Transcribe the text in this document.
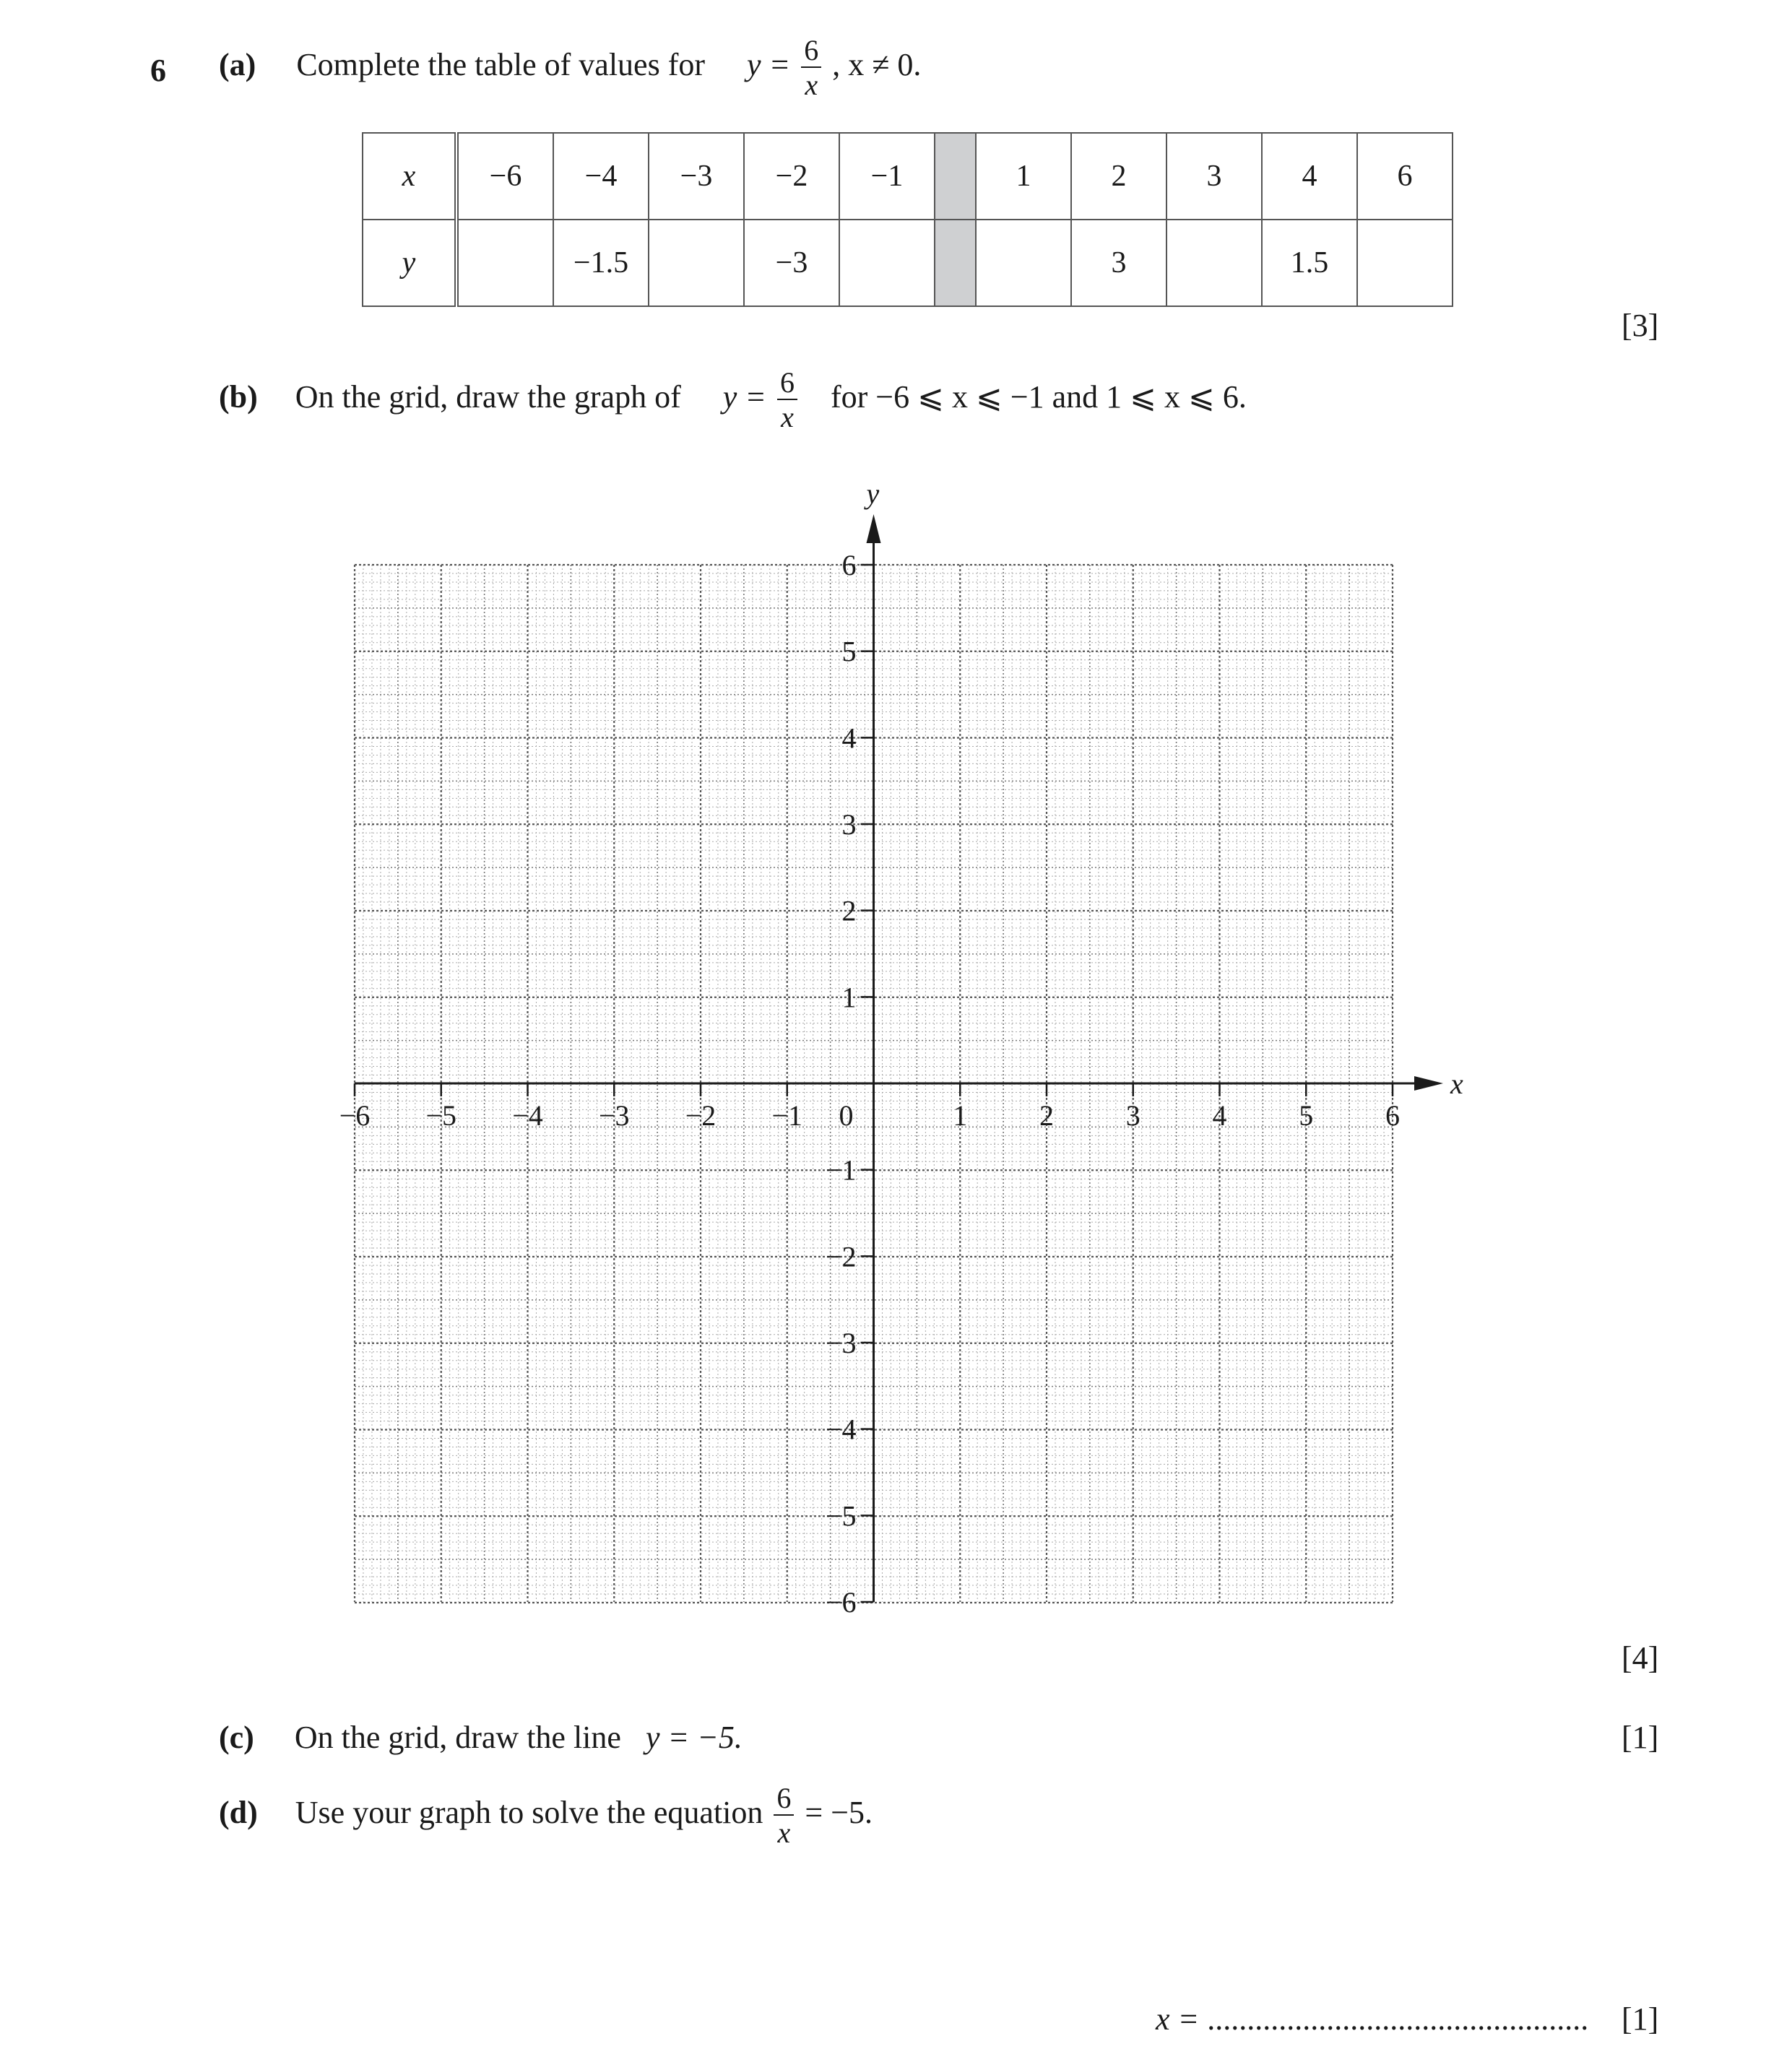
6 (a) Complete the table of values for $y = \frac{6}{x}$ , x ≠ 0.
x	−6	−4	−3	−2	−1		1	2	3	4	6
y		−1.5		−3				3		1.5	
[3]
(b) On the grid, draw the graph of $y = \frac{6}{x}$ for −6 ⩽ x ⩽ −1 and 1 ⩽ x ⩽ 6.
x
y
−6 −5 −4 −3 −2 −1	1 2 3 4 5 6
6
5
4
3
2
1
−1
−2
−3
−4
−5
−6
0
[4]
(c) On the grid, draw the line y = −5.	[1]
(d) Use your graph to solve the equation $\frac{6}{x} = -5$.
x = ................................................ [1]
